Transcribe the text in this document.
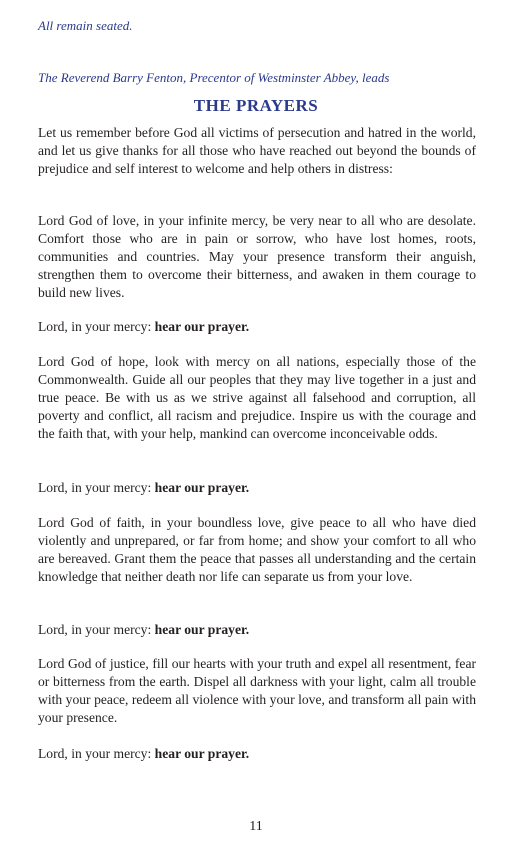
All remain seated.

The Reverend Barry Fenton, Precentor of Westminster Abbey, leads

THE PRAYERS

Let us remember before God all victims of persecution and hatred in the world, and let us give thanks for all those who have reached out beyond the bounds of prejudice and self interest to welcome and help others in distress:

Lord God of love, in your infinite mercy, be very near to all who are desolate. Comfort those who are in pain or sorrow, who have lost homes, roots, communities and countries. May your presence transform their anguish, strengthen them to overcome their bitterness, and awaken in them courage to build new lives.

Lord, in your mercy: hear our prayer.

Lord God of hope, look with mercy on all nations, especially those of the Commonwealth. Guide all our peoples that they may live together in a just and true peace. Be with us as we strive against all falsehood and corruption, all poverty and conflict, all racism and prejudice. Inspire us with the courage and the faith that, with your help, mankind can overcome inconceivable odds.

Lord, in your mercy: hear our prayer.

Lord God of faith, in your boundless love, give peace to all who have died violently and unprepared, or far from home; and show your comfort to all who are bereaved. Grant them the peace that passes all understanding and the certain knowledge that neither death nor life can separate us from your love.

Lord, in your mercy: hear our prayer.

Lord God of justice, fill our hearts with your truth and expel all resentment, fear or bitterness from the earth. Dispel all darkness with your light, calm all trouble with your peace, redeem all violence with your love, and transform all pain with your presence.

Lord, in your mercy: hear our prayer.

11
